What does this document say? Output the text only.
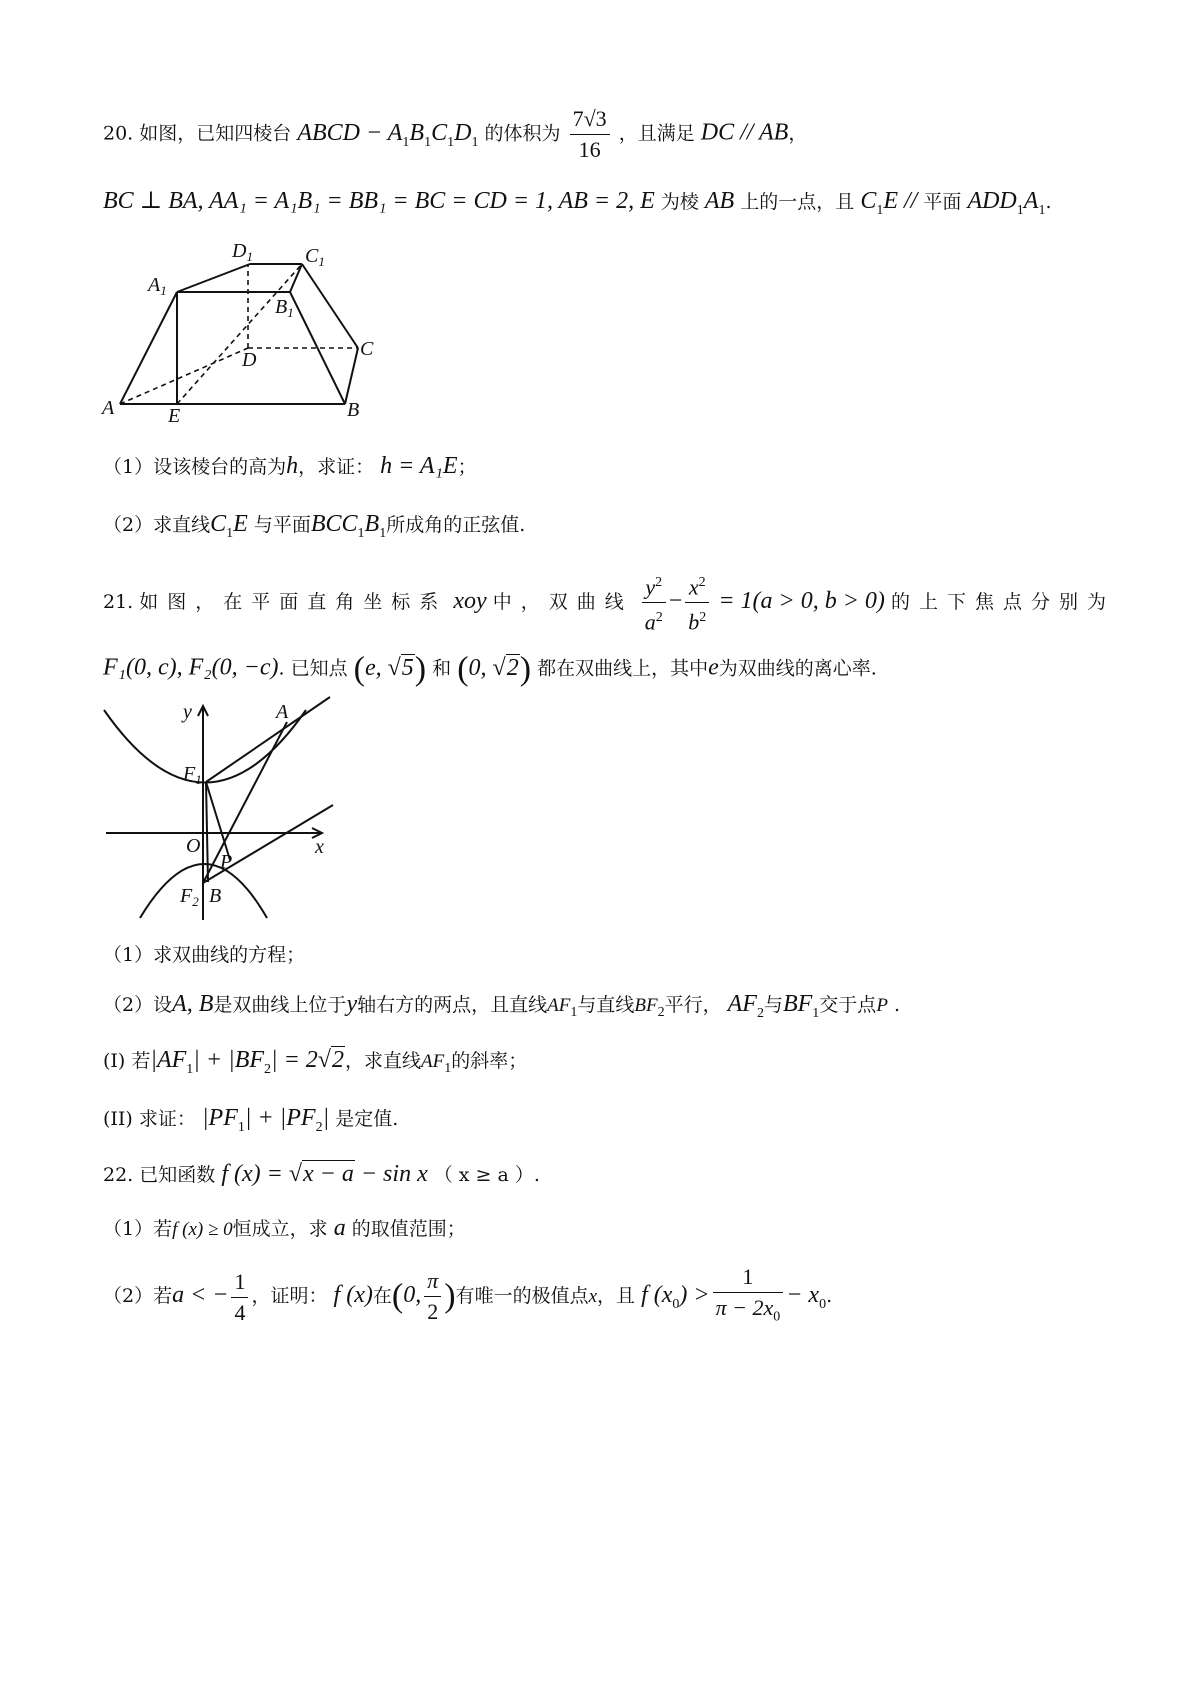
20. 如图，已知四棱台 ABCD − $A_1B_1C_1D_1$ 的体积为 $\frac{7√3}{16}$ ，且满足 DC // AB，
BC ⊥ BA, AA₁ = A₁B₁ = BB₁ = BC = CD = 1, AB = 2, E 为棱 AB 上的一点，且 $C_1E$ // 平面 $ADD_1A_1$.
$A_1$
$D_1$	$C_1$
$B_1$
D	C
A	E	B
（1）设该棱台的高为h，求证： h = A₁E；
（2）求直线$C_1E$ 与平面$BCC_1B_1$所成角的正弦值.
21. 如图，在平面直角坐标系 xoy 中，双曲线 $\frac{y^2}{a^2} - \frac{x^2}{b^2} = 1(a > 0$, b > 0) 的上下焦点分别为
F₁(0, c), F₂(0, −c). 已知点 (e, √5) 和 (0, √2) 都在双曲线上，其中e为双曲线的离心率.
y	A
$F_1$
O	x
P
$F_2$ B
（1）求双曲线的方程；
（2）设A, B是双曲线上位于y轴右方的两点，且直线$AF_1$与直线$BF_2$平行， $AF_2$与$BF_1$交于点P .
(I) 若$|AF_1| + |BF_2| = 2√2$，求直线$AF_1$的斜率；
(II) 求证： $|PF_1| + |PF_2|$ 是定值.
22. 已知函数 f (x) = √x − a − sin x （ x ≥ a ）.
（1）若f (x) ≥ 0恒成立，求 a 的取值范围；
（2）若a < − $\frac{1}{4}$ ，证明： f (x)在(0, $\frac{\pi}{2}$ )有唯一的极值点x，且 f $(x_0) > \frac{1}{\pi - 2x_0} - x_0$.
